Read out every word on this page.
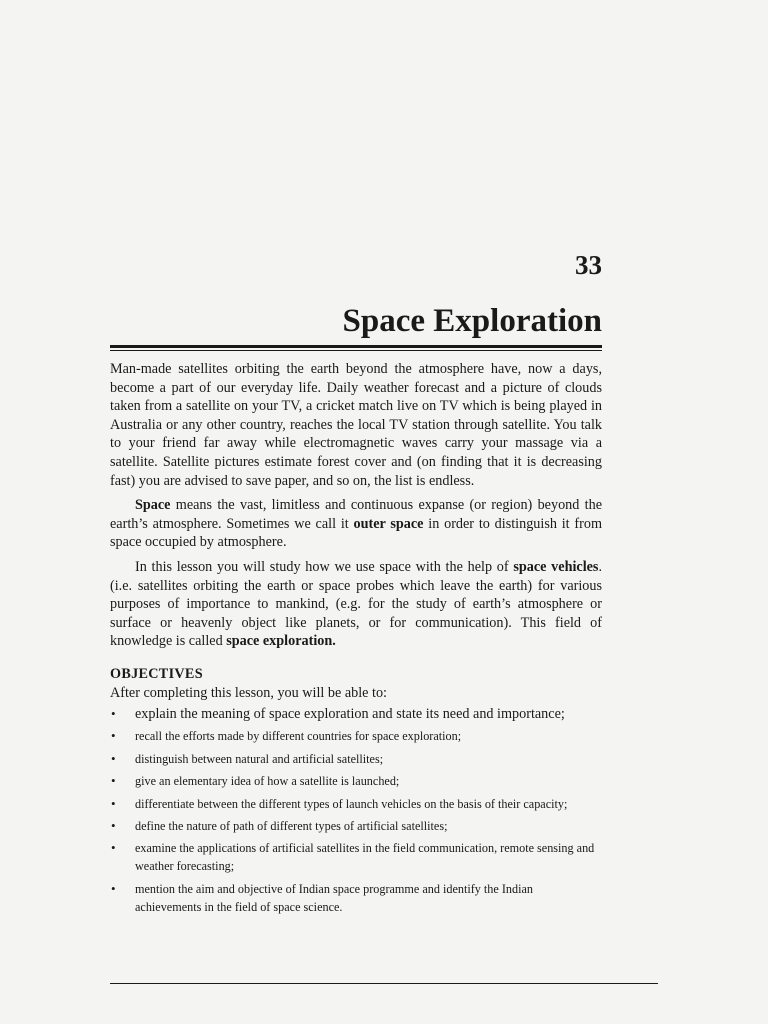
33
Space Exploration

Man-made satellites orbiting the earth beyond the atmosphere have, now a days, become a part of our everyday life. Daily weather forecast and a picture of clouds taken from a satellite on your TV, a cricket match live on TV which is being played in Australia or any other country, reaches the local TV station through satellite. You talk to your friend far away while electromagnetic waves carry your massage via a satellite. Satellite pictures estimate forest cover and (on finding that it is decreasing fast) you are advised to save paper, and so on, the list is endless.

Space means the vast, limitless and continuous expanse (or region) beyond the earth’s atmosphere. Sometimes we call it outer space in order to distinguish it from space occupied by atmosphere.

In this lesson you will study how we use space with the help of space vehicles. (i.e. satellites orbiting the earth or space probes which leave the earth) for various purposes of importance to mankind, (e.g. for the study of earth’s atmosphere or surface or heavenly object like planets, or for communication). This field of knowledge is called space exploration.

OBJECTIVES
After completing this lesson, you will be able to:
• explain the meaning of space exploration and state its need and importance;
• recall the efforts made by different countries for space exploration;
• distinguish between natural and artificial satellites;
• give an elementary idea of how a satellite is launched;
• differentiate between the different types of launch vehicles on the basis of their capacity;
• define the nature of path of different types of artificial satellites;
• examine the applications of artificial satellites in the field communication, remote sensing and weather forecasting;
• mention the aim and objective of Indian space programme and identify the Indian achievements in the field of space science.
